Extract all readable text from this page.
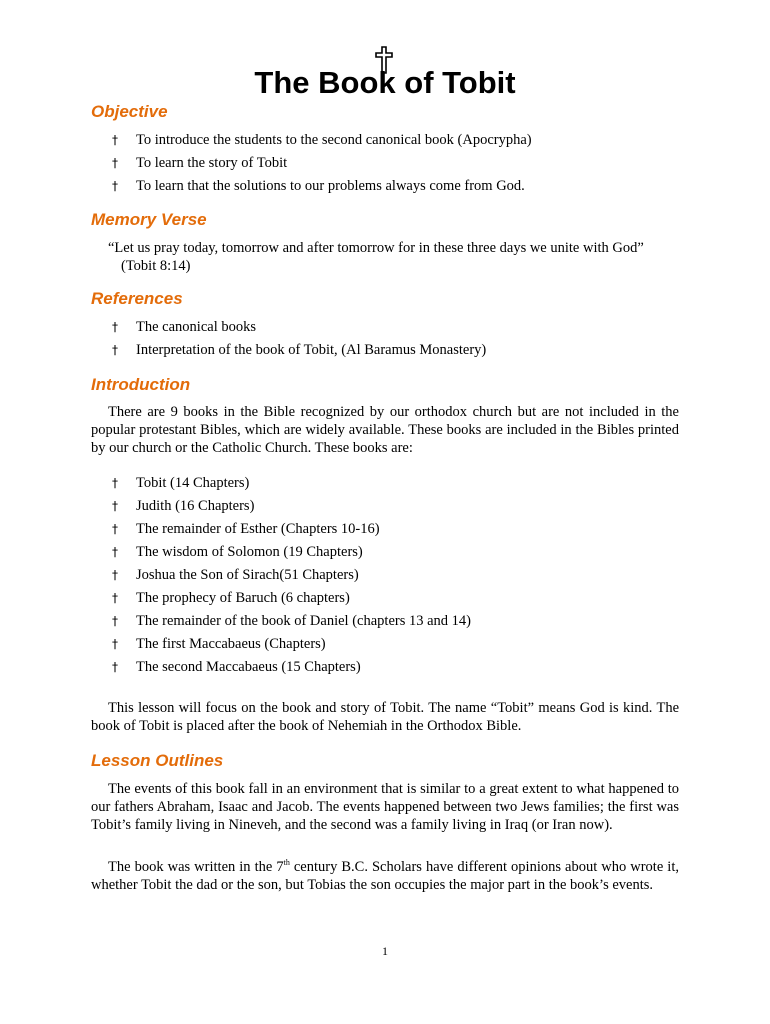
The Book of Tobit
Objective
† To introduce the students to the second canonical book (Apocrypha)
† To learn the story of Tobit
† To learn that the solutions to our problems always come from God.
Memory Verse
“Let us pray today, tomorrow and after tomorrow for in these three days we unite with God”
(Tobit 8:14)
References
† The canonical books
† Interpretation of the book of Tobit, (Al Baramus Monastery)
Introduction
There are 9 books in the Bible recognized by our orthodox church but are not included in the popular protestant Bibles, which are widely available. These books are included in the Bibles printed by our church or the Catholic Church. These books are:
† Tobit (14 Chapters)
† Judith (16 Chapters)
† The remainder of Esther (Chapters 10-16)
† The wisdom of Solomon (19 Chapters)
† Joshua the Son of Sirach(51 Chapters)
† The prophecy of Baruch (6 chapters)
† The remainder of the book of Daniel (chapters 13 and 14)
† The first Maccabaeus (Chapters)
† The second Maccabaeus (15 Chapters)
This lesson will focus on the book and story of Tobit. The name “Tobit” means God is kind. The book of Tobit is placed after the book of Nehemiah in the Orthodox Bible.
Lesson Outlines
The events of this book fall in an environment that is similar to a great extent to what happened to our fathers Abraham, Isaac and Jacob. The events happened between two Jews families; the first was Tobit’s family living in Nineveh, and the second was a family living in Iraq (or Iran now).
The book was written in the 7th century B.C. Scholars have different opinions about who wrote it, whether Tobit the dad or the son, but Tobias the son occupies the major part in the book’s events.
1
